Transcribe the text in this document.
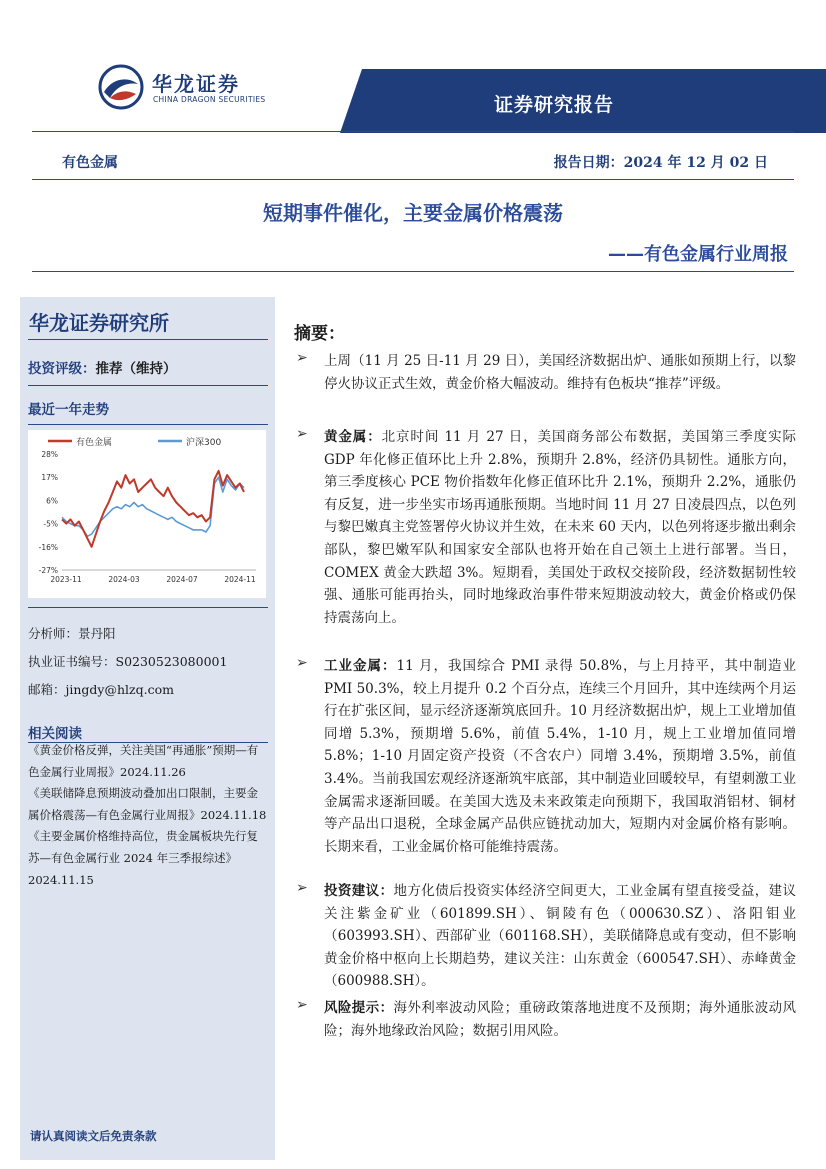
华龙证券
CHINA DRAGON SECURITIES	证券研究报告
有色金属	报告日期：2024 年 12 月 02 日
短期事件催化，主要金属价格震荡
——有色金属行业周报
华龙证券研究所
投资评级：推荐（维持）
最近一年走势
有色金属	沪深300
28%
17%
6%
-5%
-16%
-27%
2023-11	2024-03	2024-07	2024-11
分析师：景丹阳
执业证书编号：S0230523080001
邮箱：jingdy@hlzq.com
相关阅读

《黄金价格反弹，关注美国“再通胀”预期—有色金属行业周报》2024.11.26

《美联储降息预期波动叠加出口限制，主要金属价格震荡—有色金属行业周报》2024.11.18

《主要金属价格维持高位，贵金属板块先行复苏—有色金属行业 2024 年三季报综述》2024.11.15

请认真阅读文后免责条款
摘要：
➢ 上周（11 月 25 日-11 月 29 日），美国经济数据出炉、通胀如预期上行，以黎停火协议正式生效，黄金价格大幅波动。维持有色板块“推荐”评级。
➢ 黄金属：北京时间 11 月 27 日，美国商务部公布数据，美国第三季度实际 GDP 年化修正值环比上升 2.8%，预期升 2.8%，经济仍具韧性。通胀方向，第三季度核心 PCE 物价指数年化修正值环比升 2.1%，预期升 2.2%，通胀仍有反复，进一步坐实市场再通胀预期。当地时间 11 月 27 日凌晨四点，以色列与黎巴嫩真主党签署停火协议并生效，在未来 60 天内，以色列将逐步撤出剩余部队，黎巴嫩军队和国家安全部队也将开始在自己领土上进行部署。当日，COMEX 黄金大跌超 3%。短期看，美国处于政权交接阶段，经济数据韧性较强、通胀可能再抬头，同时地缘政治事件带来短期波动较大，黄金价格或仍保持震荡向上。
➢ 工业金属：11 月，我国综合 PMI 录得 50.8%，与上月持平，其中制造业 PMI 50.3%，较上月提升 0.2 个百分点，连续三个月回升，其中连续两个月运行在扩张区间，显示经济逐渐筑底回升。10 月经济数据出炉，规上工业增加值同增 5.3%，预期增 5.6%，前值 5.4%，1-10 月，规上工业增加值同增 5.8%；1-10 月固定资产投资（不含农户）同增 3.4%，预期增 3.5%，前值 3.4%。当前我国宏观经济逐渐筑牢底部，其中制造业回暖较早，有望刺激工业金属需求逐渐回暖。在美国大选及未来政策走向预期下，我国取消铝材、铜材等产品出口退税，全球金属产品供应链扰动加大，短期内对金属价格有影响。长期来看，工业金属价格可能维持震荡。
➢ 投资建议：地方化债后投资实体经济空间更大，工业金属有望直接受益，建议关注紫金矿业（601899.SH）、铜陵有色（000630.SZ）、洛阳钼业（603993.SH）、西部矿业（601168.SH），美联储降息或有变动，但不影响黄金价格中枢向上长期趋势，建议关注：山东黄金（600547.SH）、赤峰黄金（600988.SH）。
➢ 风险提示：海外利率波动风险；重磅政策落地进度不及预期；海外通胀波动风险；海外地缘政治风险；数据引用风险。
